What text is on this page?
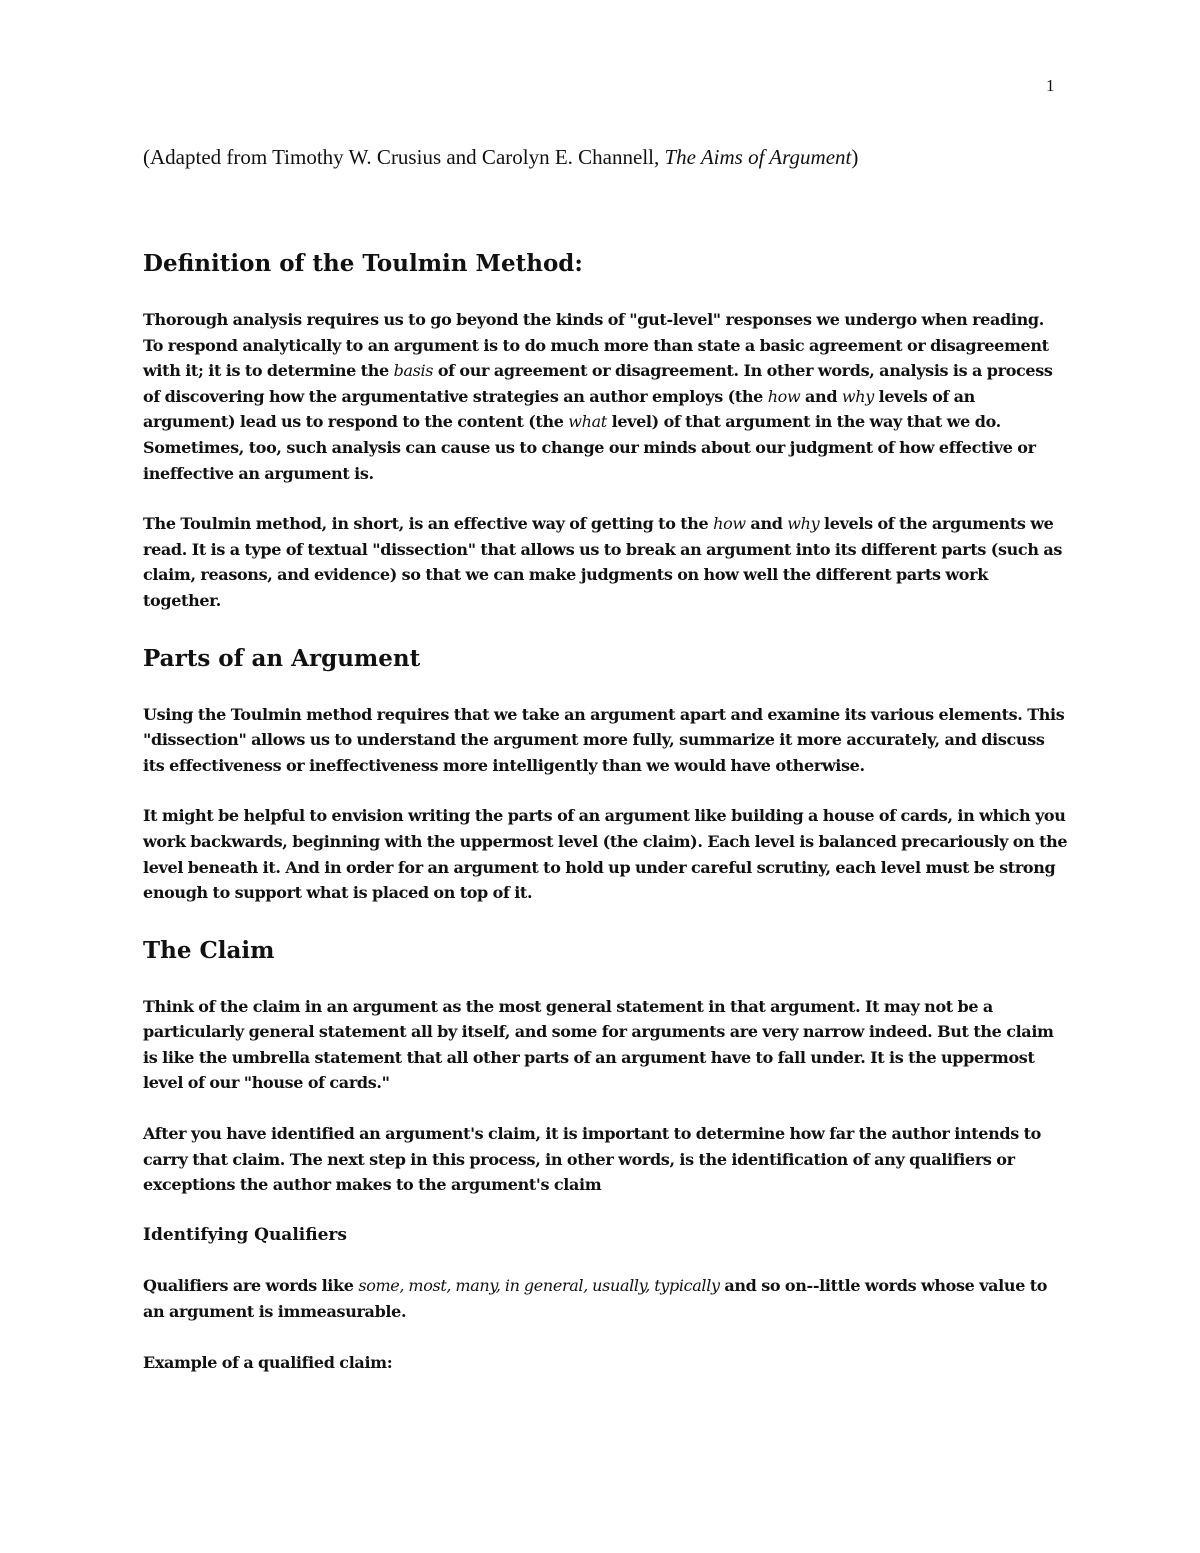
1
(Adapted from Timothy W. Crusius and Carolyn E. Channell, The Aims of Argument)
Definition of the Toulmin Method:

Thorough analysis requires us to go beyond the kinds of "gut-level" responses we undergo when reading. To respond analytically to an argument is to do much more than state a basic agreement or disagreement with it; it is to determine the basis of our agreement or disagreement. In other words, analysis is a process of discovering how the argumentative strategies an author employs (the how and why levels of an argument) lead us to respond to the content (the what level) of that argument in the way that we do. Sometimes, too, such analysis can cause us to change our minds about our judgment of how effective or ineffective an argument is.

The Toulmin method, in short, is an effective way of getting to the how and why levels of the arguments we read. It is a type of textual "dissection" that allows us to break an argument into its different parts (such as claim, reasons, and evidence) so that we can make judgments on how well the different parts work together.

Parts of an Argument

Using the Toulmin method requires that we take an argument apart and examine its various elements. This "dissection" allows us to understand the argument more fully, summarize it more accurately, and discuss its effectiveness or ineffectiveness more intelligently than we would have otherwise.

It might be helpful to envision writing the parts of an argument like building a house of cards, in which you work backwards, beginning with the uppermost level (the claim). Each level is balanced precariously on the level beneath it. And in order for an argument to hold up under careful scrutiny, each level must be strong enough to support what is placed on top of it.

The Claim

Think of the claim in an argument as the most general statement in that argument. It may not be a particularly general statement all by itself, and some for arguments are very narrow indeed. But the claim is like the umbrella statement that all other parts of an argument have to fall under. It is the uppermost level of our "house of cards."

After you have identified an argument's claim, it is important to determine how far the author intends to carry that claim. The next step in this process, in other words, is the identification of any qualifiers or exceptions the author makes to the argument's claim

Identifying Qualifiers

Qualifiers are words like some, most, many, in general, usually, typically and so on--little words whose value to an argument is immeasurable.

Example of a qualified claim:
